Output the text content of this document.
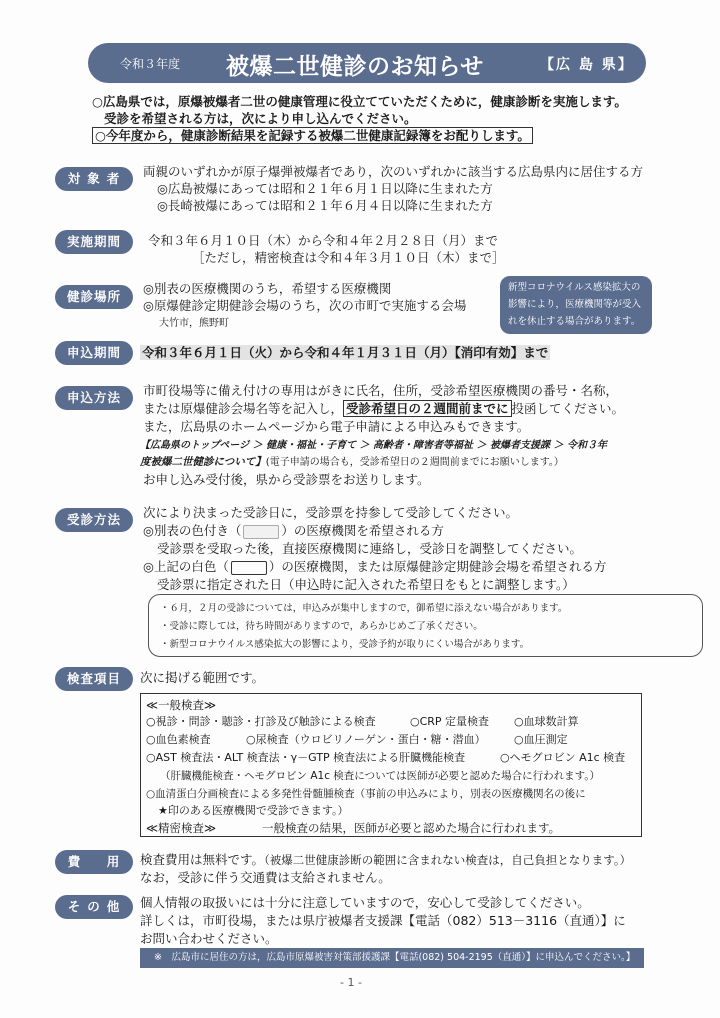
令和３年度 被爆二世健診のお知らせ	【広 島 県】
○広島県では，原爆被爆者二世の健康管理に役立てていただくために，健康診断を実施します。
受診を希望される方は，次により申し込んでください。
○今年度から，健康診断結果を記録する被爆二世健康記録簿をお配りします。
対象者	両親のいずれかが原子爆弾被爆者であり，次のいずれかに該当する広島県内に居住する方
◎広島被爆にあっては昭和２１年６月１日以降に生まれた方
◎長崎被爆にあっては昭和２１年６月４日以降に生まれた方
実施期間	令和３年６月１０日（木）から令和４年２月２８日（月）まで
［ただし，精密検査は令和４年３月１０日（木）まで］
健診場所
◎別表の医療機関のうち，希望する医療機関
◎原爆健診定期健診会場のうち，次の市町で実施する会場
大竹市，熊野町
新型コロナウイルス感染拡大の
影響により，医療機関等が受入
れを休止する場合があります。
申込期間	令和３年６月１日（火）から令和４年１月３１日（月）【消印有効】まで
申込方法	市町役場等に備え付けの専用はがきに氏名，住所，受診希望医療機関の番号・名称，
または原爆健診会場名等を記入し， 受診希望日の２週間前までに 投函してください。
また，広島県のホームページから電子申請による申込みもできます。
【広島県のトップページ ＞ 健康・福祉・子育て ＞ 高齢者・障害者等福祉 ＞ 被爆者支援課 ＞ 令和３年
度被爆二世健診について】(電子申請の場合も，受診希望日の２週間前までにお願いします。）
お申し込み受付後，県から受診票をお送りします。
受診方法	次により決まった受診日に，受診票を持参して受診してください。
◎別表の色付き（	）の医療機関を希望される方
受診票を受取った後，直接医療機関に連絡し，受診日を調整してください。
◎上記の白色（	）の医療機関，または原爆健診定期健診会場を希望される方
受診票に指定された日（申込時に記入された希望日をもとに調整します。）
・６月，２月の受診については，申込みが集中しますので，御希望に添えない場合があります。
・受診に際しては，待ち時間がありますので，あらかじめご了承ください。
・新型コロナウイルス感染拡大の影響により，受診予約が取りにくい場合があります。
検査項目	次に掲げる範囲です。
≪一般検査≫
○視診・問診・聴診・打診及び触診による検査	○CRP 定量検査 ○血球数計算
○血色素検査	○尿検査（ウロビリノーゲン・蛋白・糖・潜血）	○血圧測定
○AST 検査法・ALT 検査法・γ－GTP 検査法による肝臓機能検査	○ヘモグロビン A1c 検査
（肝臓機能検査・ヘモグロビン A1c 検査については医師が必要と認めた場合に行われます。）
○血清蛋白分画検査による多発性骨髄腫検査（事前の申込みにより，別表の医療機関名の後に
★印のある医療機関で受診できます。）
≪精密検査≫	一般検査の結果，医師が必要と認めた場合に行われます。
費　用	検査費用は無料です。（被爆二世健康診断の範囲に含まれない検査は，自己負担となります。）
なお，受診に伴う交通費は支給されません。
その他	個人情報の取扱いには十分に注意していますので，安心して受診してください。
詳しくは，市町役場，または県庁被爆者支援課【電話（082）513－3116（直通）】に
お問い合わせください。
※　広島市に居住の方は，広島市原爆被害対策部援護課【電話(082) 504-2195（直通）】に申込んでください。】
- 1 -
